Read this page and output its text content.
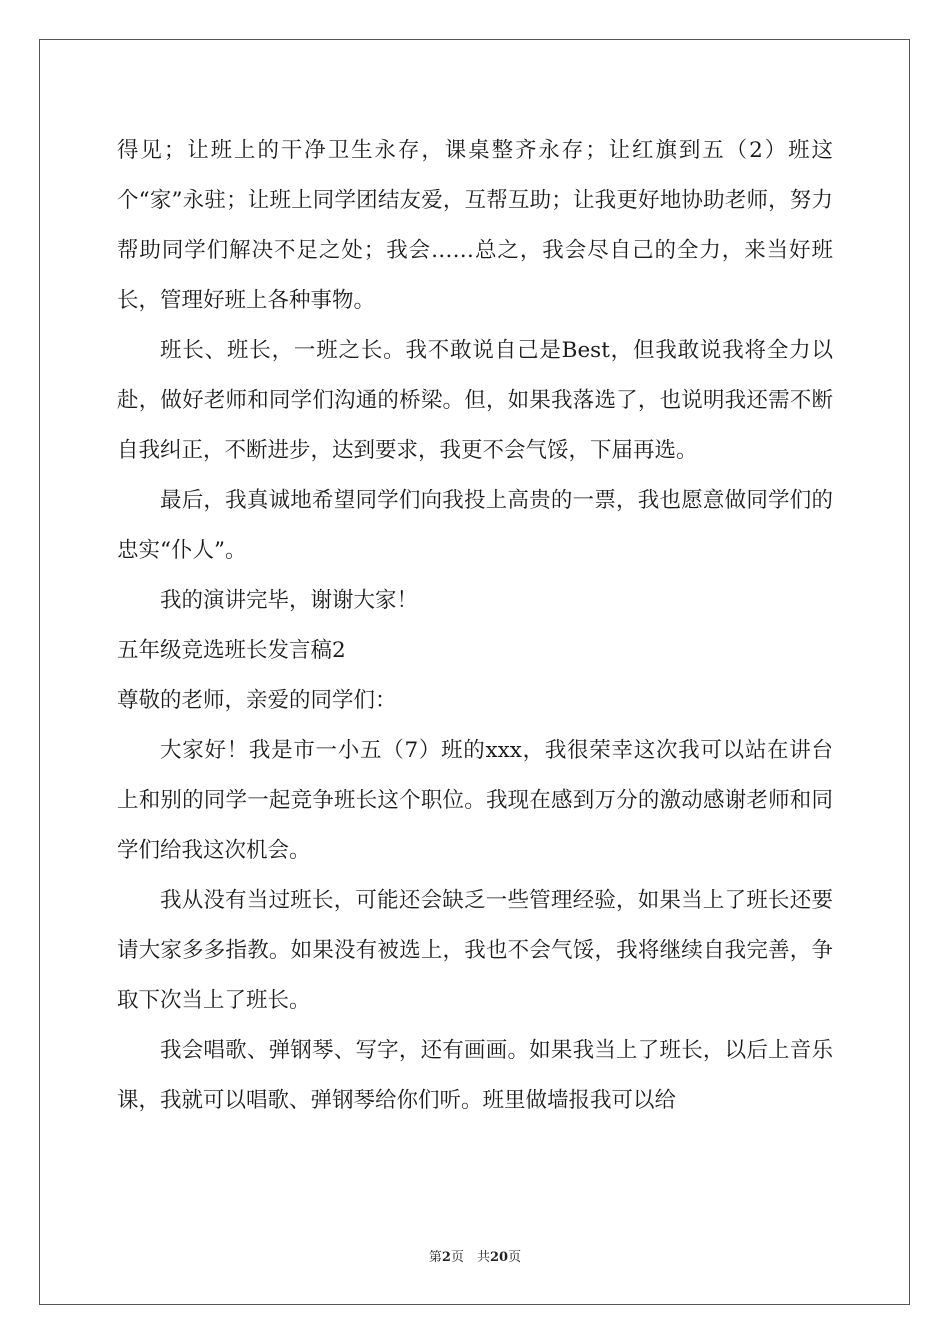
得见；让班上的干净卫生永存，课桌整齐永存；让红旗到五（2）班这个“家”永驻；让班上同学团结友爱，互帮互助；让我更好地协助老师，努力帮助同学们解决不足之处；我会……总之，我会尽自己的全力，来当好班长，管理好班上各种事物。

班长、班长，一班之长。我不敢说自己是Best，但我敢说我将全力以赴，做好老师和同学们沟通的桥梁。但，如果我落选了，也说明我还需不断自我纠正，不断进步，达到要求，我更不会气馁，下届再选。

最后，我真诚地希望同学们向我投上高贵的一票，我也愿意做同学们的忠实“仆人”。

我的演讲完毕，谢谢大家！

五年级竞选班长发言稿2

尊敬的老师，亲爱的同学们：

大家好！我是市一小五（7）班的xxx，我很荣幸这次我可以站在讲台上和别的同学一起竞争班长这个职位。我现在感到万分的激动感谢老师和同学们给我这次机会。

我从没有当过班长，可能还会缺乏一些管理经验，如果当上了班长还要请大家多多指教。如果没有被选上，我也不会气馁，我将继续自我完善，争取下次当上了班长。

我会唱歌、弹钢琴、写字，还有画画。如果我当上了班长，以后上音乐课，我就可以唱歌、弹钢琴给你们听。班里做墙报我可以给

第2页　共20页
